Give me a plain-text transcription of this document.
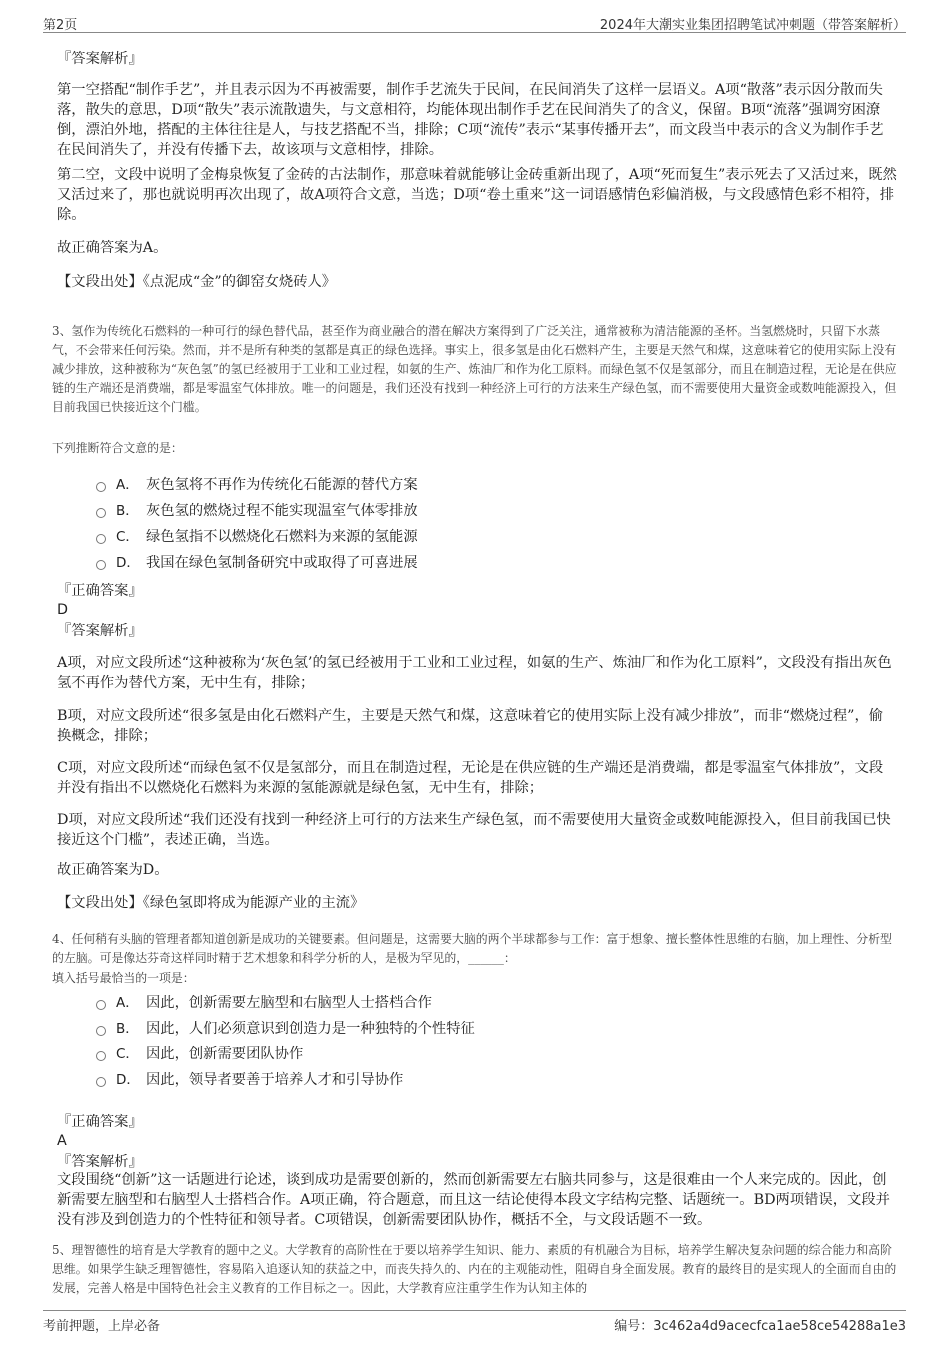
第2页	2024年大潮实业集团招聘笔试冲刺题（带答案解析）

『答案解析』

第一空搭配“制作手艺”，并且表示因为不再被需要，制作手艺流失于民间，在民间消失了这样一层语义。A项“散落”表示因分散而失落，散失的意思，D项“散失”表示流散遗失，与文意相符，均能体现出制作手艺在民间消失了的含义，保留。B项“流落”强调穷困潦倒，漂泊外地，搭配的主体往往是人，与技艺搭配不当，排除；C项“流传”表示“某事传播开去”，而文段当中表示的含义为制作手艺在民间消失了，并没有传播下去，故该项与文意相悖，排除。

第二空，文段中说明了金梅泉恢复了金砖的古法制作，那意味着就能够让金砖重新出现了，A项“死而复生”表示死去了又活过来，既然又活过来了，那也就说明再次出现了，故A项符合文意，当选；D项“卷土重来”这一词语感情色彩偏消极，与文段感情色彩不相符，排除。

故正确答案为A。

【文段出处】《点泥成“金”的御窑女烧砖人》

3、氢作为传统化石燃料的一种可行的绿色替代品，甚至作为商业融合的潜在解决方案得到了广泛关注，通常被称为清洁能源的圣杯。当氢燃烧时，只留下水蒸气，不会带来任何污染。然而，并不是所有种类的氢都是真正的绿色选择。事实上，很多氢是由化石燃料产生，主要是天然气和煤，这意味着它的使用实际上没有减少排放，这种被称为“灰色氢”的氢已经被用于工业和工业过程，如氨的生产、炼油厂和作为化工原料。而绿色氢不仅是氢部分，而且在制造过程，无论是在供应链的生产端还是消费端，都是零温室气体排放。唯一的问题是，我们还没有找到一种经济上可行的方法来生产绿色氢，而不需要使用大量资金或数吨能源投入，但目前我国已快接近这个门槛。

下列推断符合文意的是：

A． 灰色氢将不再作为传统化石能源的替代方案
B． 灰色氢的燃烧过程不能实现温室气体零排放
C． 绿色氢指不以燃烧化石燃料为来源的氢能源
D． 我国在绿色氢制备研究中或取得了可喜进展

『正确答案』

D

『答案解析』

A项，对应文段所述“这种被称为‘灰色氢’的氢已经被用于工业和工业过程，如氨的生产、炼油厂和作为化工原料”，文段没有指出灰色氢不再作为替代方案，无中生有，排除；

B项，对应文段所述“很多氢是由化石燃料产生，主要是天然气和煤，这意味着它的使用实际上没有减少排放”，而非“燃烧过程”，偷换概念，排除；

C项，对应文段所述“而绿色氢不仅是氢部分，而且在制造过程，无论是在供应链的生产端还是消费端，都是零温室气体排放”，文段并没有指出不以燃烧化石燃料为来源的氢能源就是绿色氢，无中生有，排除；

D项，对应文段所述“我们还没有找到一种经济上可行的方法来生产绿色氢，而不需要使用大量资金或数吨能源投入，但目前我国已快接近这个门槛”，表述正确，当选。

故正确答案为D。

【文段出处】《绿色氢即将成为能源产业的主流》

4、任何稍有头脑的管理者都知道创新是成功的关键要素。但问题是，这需要大脑的两个半球都参与工作：富于想象、擅长整体性思维的右脑，加上理性、分析型的左脑。可是像达芬奇这样同时精于艺术想象和科学分析的人，是极为罕见的，______：

填入括号最恰当的一项是：

A． 因此，创新需要左脑型和右脑型人士搭档合作
B． 因此，人们必须意识到创造力是一种独特的个性特征
C． 因此，创新需要团队协作
D． 因此，领导者要善于培养人才和引导协作

『正确答案』

A

『答案解析』

文段围绕“创新”这一话题进行论述，谈到成功是需要创新的，然而创新需要左右脑共同参与，这是很难由一个人来完成的。因此，创新需要左脑型和右脑型人士搭档合作。A项正确，符合题意，而且这一结论使得本段文字结构完整、话题统一。BD两项错误，文段并没有涉及到创造力的个性特征和领导者。C项错误，创新需要团队协作，概括不全，与文段话题不一致。

5、理智德性的培育是大学教育的题中之义。大学教育的高阶性在于要以培养学生知识、能力、素质的有机融合为目标，培养学生解决复杂问题的综合能力和高阶思维。如果学生缺乏理智德性，容易陷入追逐认知的获益之中，而丧失持久的、内在的主观能动性，阻碍自身全面发展。教育的最终目的是实现人的全面而自由的发展，完善人格是中国特色社会主义教育的工作目标之一。因此，大学教育应注重学生作为认知主体的

考前押题，上岸必备	编号：3c462a4d9acecfca1ae58ce54288a1e3
